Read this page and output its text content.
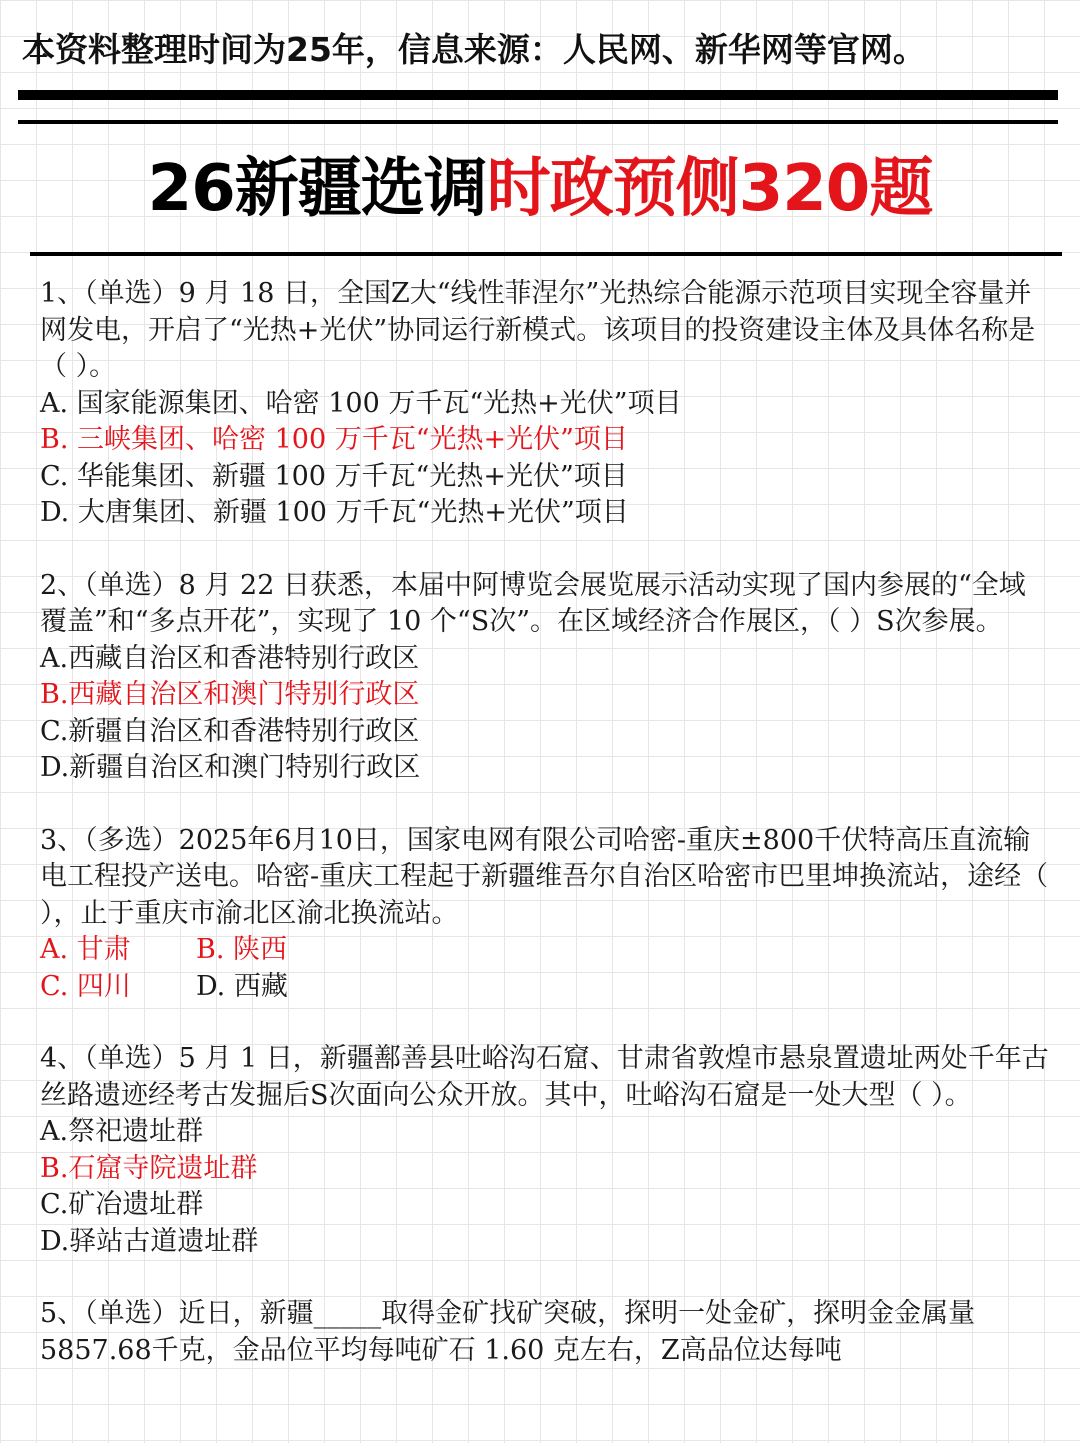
本资料整理时间为25年，信息来源：人民网、新华网等官网。
26新疆选调时政预侧320题
1、（单选）9 月 18 日，全国Z大“线性菲涅尔”光热综合能源示范项目实现全容量并网发电，开启了“光热+光伏”协同运行新模式。该项目的投资建设主体及具体名称是（ ）。
A. 国家能源集团、哈密 100 万千瓦“光热+光伏”项目
B. 三峡集团、哈密 100 万千瓦“光热+光伏”项目
C. 华能集团、新疆 100 万千瓦“光热+光伏”项目
D. 大唐集团、新疆 100 万千瓦“光热+光伏”项目
2、（单选）8 月 22 日获悉，本届中阿博览会展览展示活动实现了国内参展的“全域覆盖”和“多点开花”，实现了 10 个“S次”。在区域经济合作展区，（ ）S次参展。
A.西藏自治区和香港特别行政区
B.西藏自治区和澳门特别行政区
C.新疆自治区和香港特别行政区
D.新疆自治区和澳门特别行政区
3、（多选）2025年6月10日，国家电网有限公司哈密-重庆±800千伏特高压直流输电工程投产送电。哈密-重庆工程起于新疆维吾尔自治区哈密市巴里坤换流站，途经（ ），止于重庆市渝北区渝北换流站。
A. 甘肃	B. 陕西
C. 四川	D. 西藏
4、（单选）5 月 1 日，新疆鄯善县吐峪沟石窟、甘肃省敦煌市悬泉置遗址两处千年古丝路遗迹经考古发掘后S次面向公众开放。其中，吐峪沟石窟是一处大型（ ）。
A.祭祀遗址群
B.石窟寺院遗址群
C.矿冶遗址群
D.驿站古道遗址群
5、（单选）近日，新疆_____取得金矿找矿突破，探明一处金矿，探明金金属量 5857.68千克，金品位平均每吨矿石 1.60 克左右，Z高品位达每吨
